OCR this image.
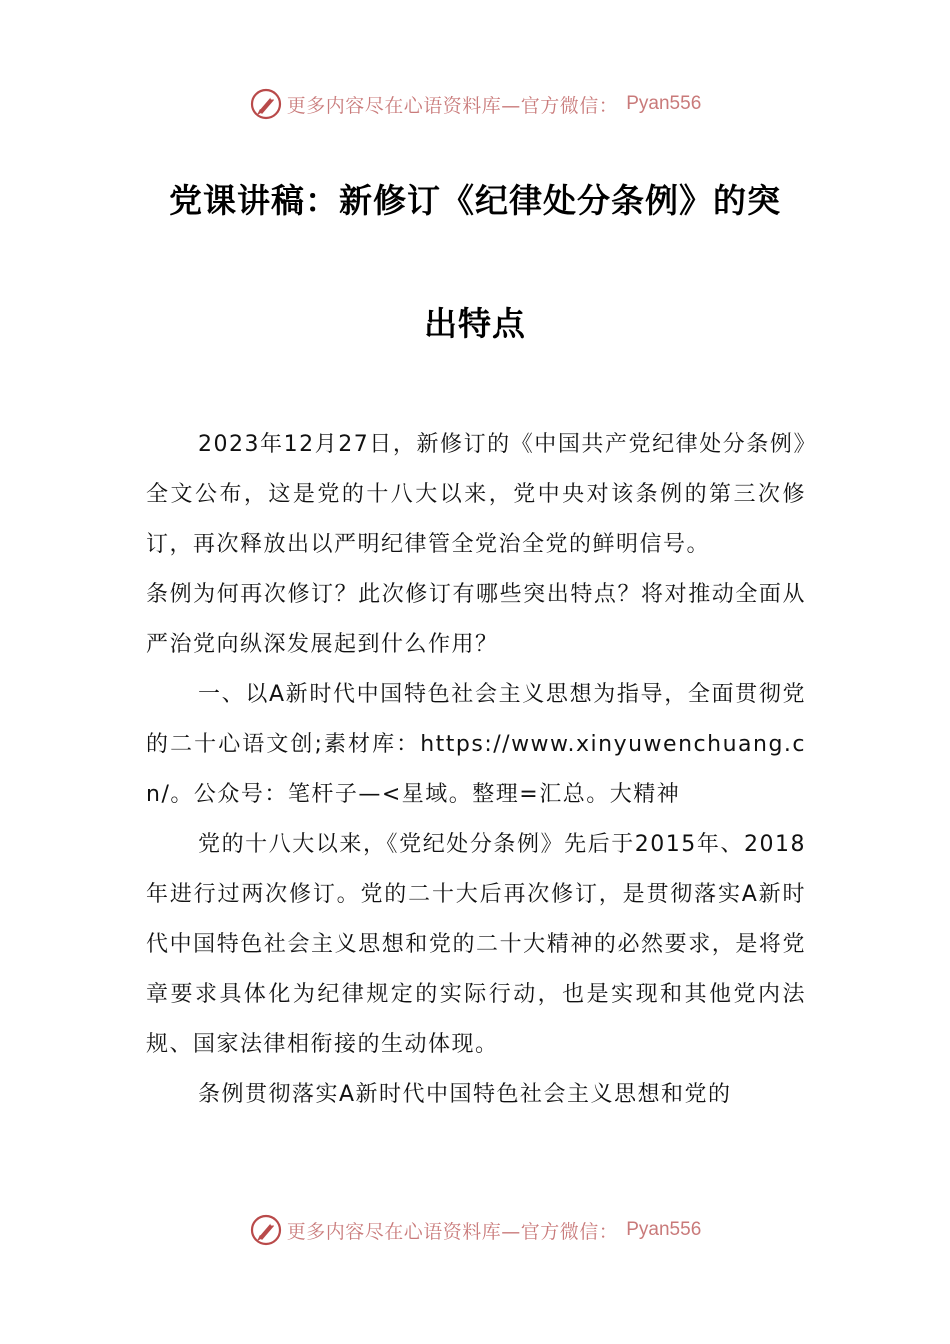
更多内容尽在心语资料库—官方微信： Pyan556
党课讲稿：新修订《纪律处分条例》的突
出特点

2023年12月27日，新修订的《中国共产党纪律处分条例》全文公布，这是党的十八大以来，党中央对该条例的第三次修订，再次释放出以严明纪律管全党治全党的鲜明信号。

条例为何再次修订？此次修订有哪些突出特点？将对推动全面从严治党向纵深发展起到什么作用？

一、以A新时代中国特色社会主义思想为指导，全面贯彻党的二十心语文创;素材库：https://www.xinyuwenchuang.cn/。公众号：笔杆子—<星域。整理=汇总。大精神

党的十八大以来，《党纪处分条例》先后于2015年、2018年进行过两次修订。党的二十大后再次修订，是贯彻落实A新时代中国特色社会主义思想和党的二十大精神的必然要求，是将党章要求具体化为纪律规定的实际行动，也是实现和其他党内法规、国家法律相衔接的生动体现。

条例贯彻落实A新时代中国特色社会主义思想和党的

更多内容尽在心语资料库—官方微信： Pyan556
